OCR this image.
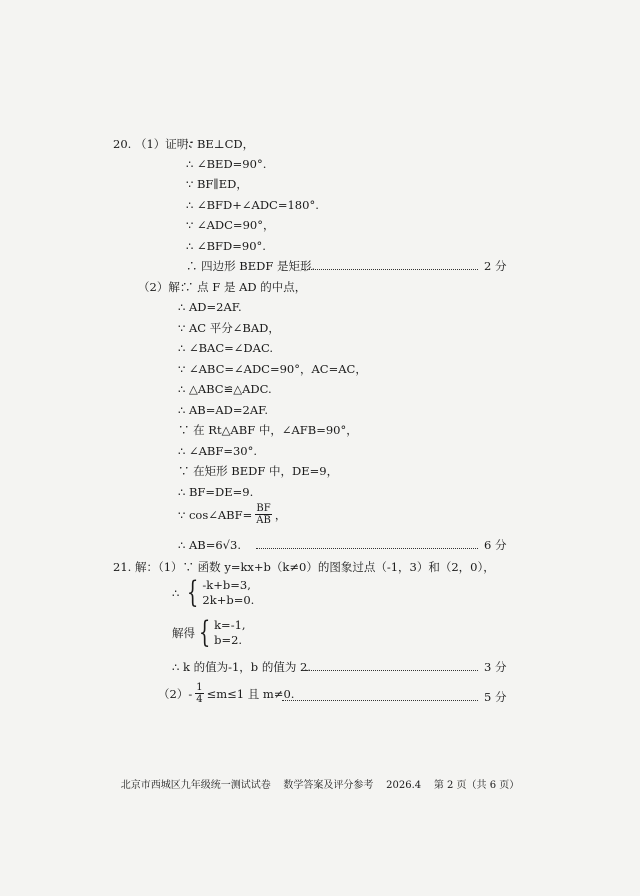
20. （1）证明：
∵ BE⊥CD，
∴ ∠BED=90°.
∵ BF∥ED，
∴ ∠BFD+∠ADC=180°.
∵ ∠ADC=90°，
∴ ∠BFD=90°.
∴ 四边形 BEDF 是矩形.	2 分
（2）解：
∵ 点 F 是 AD 的中点，
∴ AD=2AF.
∵ AC 平分∠BAD，
∴ ∠BAC=∠DAC.
∵ ∠ABC=∠ADC=90°，AC=AC，
∴ △ABC≌△ADC.
∴ AB=AD=2AF.
∵ 在 Rt△ABF 中，∠AFB=90°，
∴ ∠ABF=30°.
∵ 在矩形 BEDF 中，DE=9，
∴ BF=DE=9.
∵ cos∠ABF= $\frac{BF}{AB}$ ，
∴ AB=6√3.	6 分
21. 解：（1）∵ 函数 y=kx+b（k≠0）的图象过点（-1，3）和（2，0），
∴ { -k+b=3,
2k+b=0.
解得 { k=-1,
b=2.
∴ k 的值为-1，b 的值为 2.	3 分
$(2) - \frac{1}{4} \le m\le 1$ 且 m≠0.	5 分
北京市西城区九年级统一测试试卷    数学答案及评分参考    2026.4    第 2 页（共 6 页）
